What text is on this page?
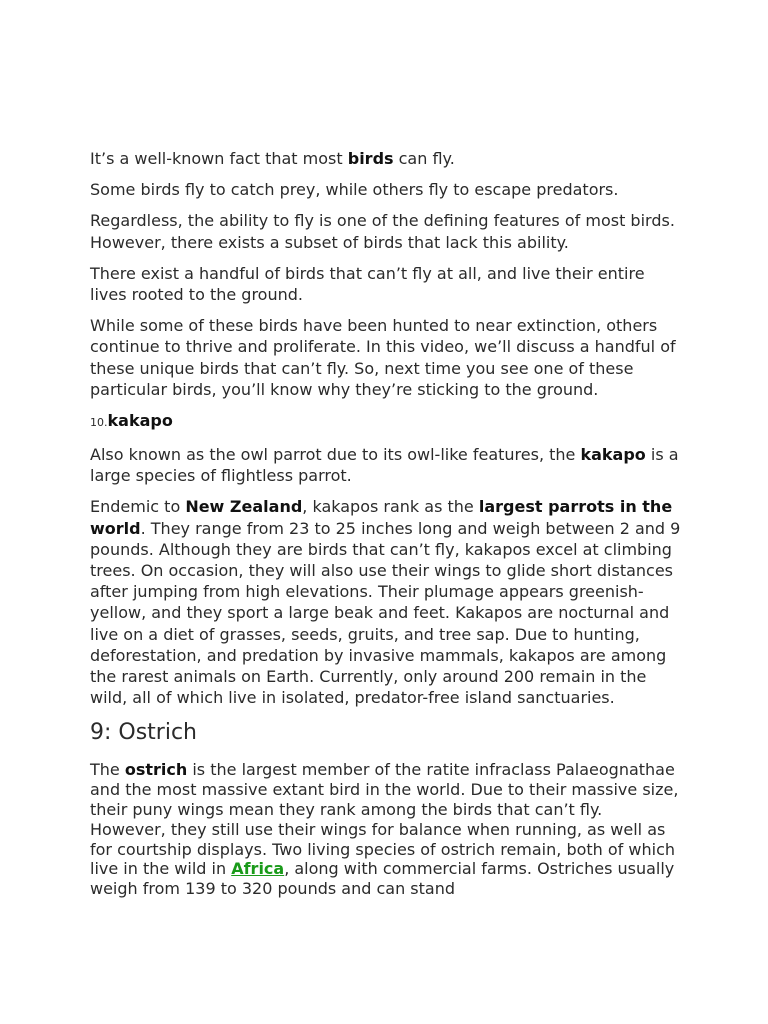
It’s a well-known fact that most birds can fly.

Some birds fly to catch prey, while others fly to escape predators.

Regardless, the ability to fly is one of the defining features of most birds. However, there exists a subset of birds that lack this ability.

There exist a handful of birds that can’t fly at all, and live their entire lives rooted to the ground.

While some of these birds have been hunted to near extinction, others continue to thrive and proliferate. In this video, we’ll discuss a handful of these unique birds that can’t fly. So, next time you see one of these particular birds, you’ll know why they’re sticking to the ground.

10.kakapo

Also known as the owl parrot due to its owl-like features, the kakapo is a large species of flightless parrot.

Endemic to New Zealand, kakapos rank as the largest parrots in the world. They range from 23 to 25 inches long and weigh between 2 and 9 pounds. Although they are birds that can’t fly, kakapos excel at climbing trees. On occasion, they will also use their wings to glide short distances after jumping from high elevations. Their plumage appears greenish-yellow, and they sport a large beak and feet. Kakapos are nocturnal and live on a diet of grasses, seeds, gruits, and tree sap. Due to hunting, deforestation, and predation by invasive mammals, kakapos are among the rarest animals on Earth. Currently, only around 200 remain in the wild, all of which live in isolated, predator-free island sanctuaries.

9: Ostrich

The ostrich is the largest member of the ratite infraclass Palaeognathae and the most massive extant bird in the world. Due to their massive size, their puny wings mean they rank among the birds that can’t fly. However, they still use their wings for balance when running, as well as for courtship displays. Two living species of ostrich remain, both of which live in the wild in Africa, along with commercial farms. Ostriches usually weigh from 139 to 320 pounds and can stand
